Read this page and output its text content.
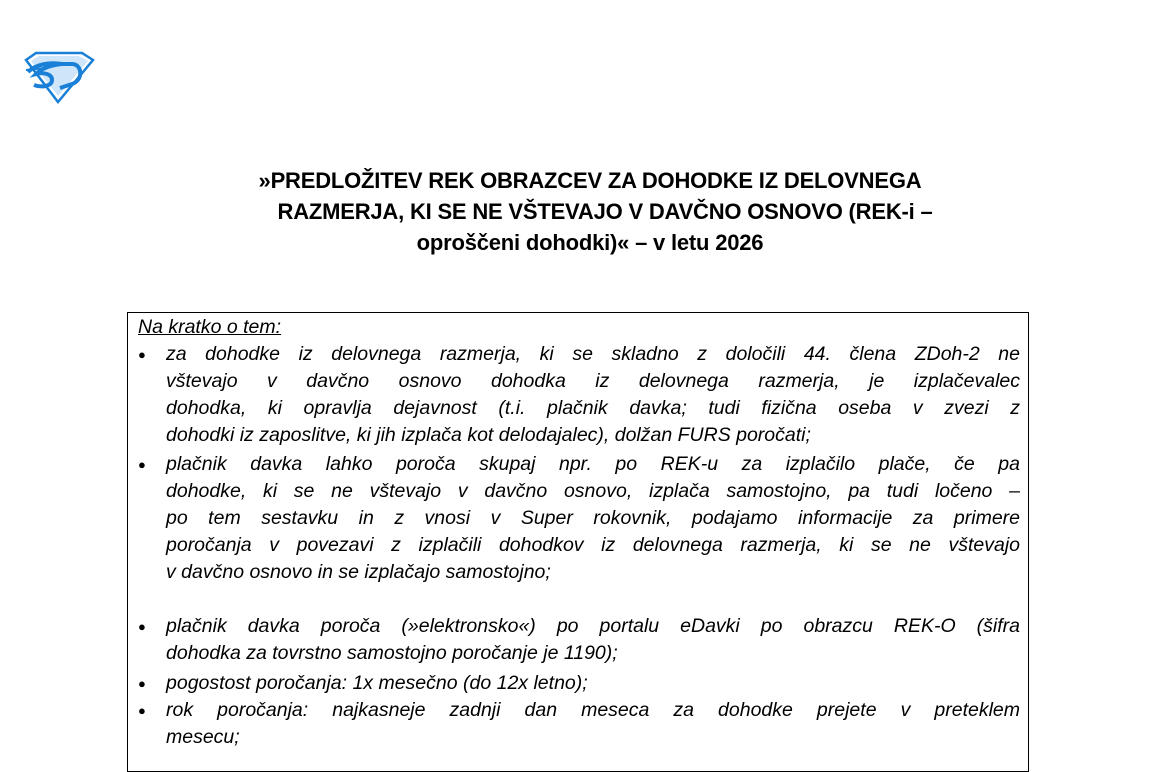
»PREDLOŽITEV REK OBRAZCEV ZA DOHODKE IZ DELOVNEGA
RAZMERJA, KI SE NE VŠTEVAJO V DAVČNO OSNOVO (REK-i –
oproščeni dohodki)« – v letu 2026
Na kratko o tem:
● za dohodke iz delovnega razmerja, ki se skladno z določili 44. člena ZDoh-2 ne
vštevajo v davčno osnovo dohodka iz delovnega razmerja, je izplačevalec
dohodka, ki opravlja dejavnost (t.i. plačnik davka; tudi fizična oseba v zvezi z
dohodki iz zaposlitve, ki jih izplača kot delodajalec), dolžan FURS poročati;
● plačnik davka lahko poroča skupaj npr. po REK-u za izplačilo plače, če pa
dohodke, ki se ne vštevajo v davčno osnovo, izplača samostojno, pa tudi ločeno –
po tem sestavku in z vnosi v Super rokovnik, podajamo informacije za primere
poročanja v povezavi z izplačili dohodkov iz delovnega razmerja, ki se ne vštevajo
v davčno osnovo in se izplačajo samostojno;
● plačnik davka poroča (»elektronsko«) po portalu eDavki po obrazcu REK-O (šifra
dohodka za tovrstno samostojno poročanje je 1190);
● pogostost poročanja: 1x mesečno (do 12x letno);
● rok poročanja: najkasneje zadnji dan meseca za dohodke prejete v preteklem
mesecu;
